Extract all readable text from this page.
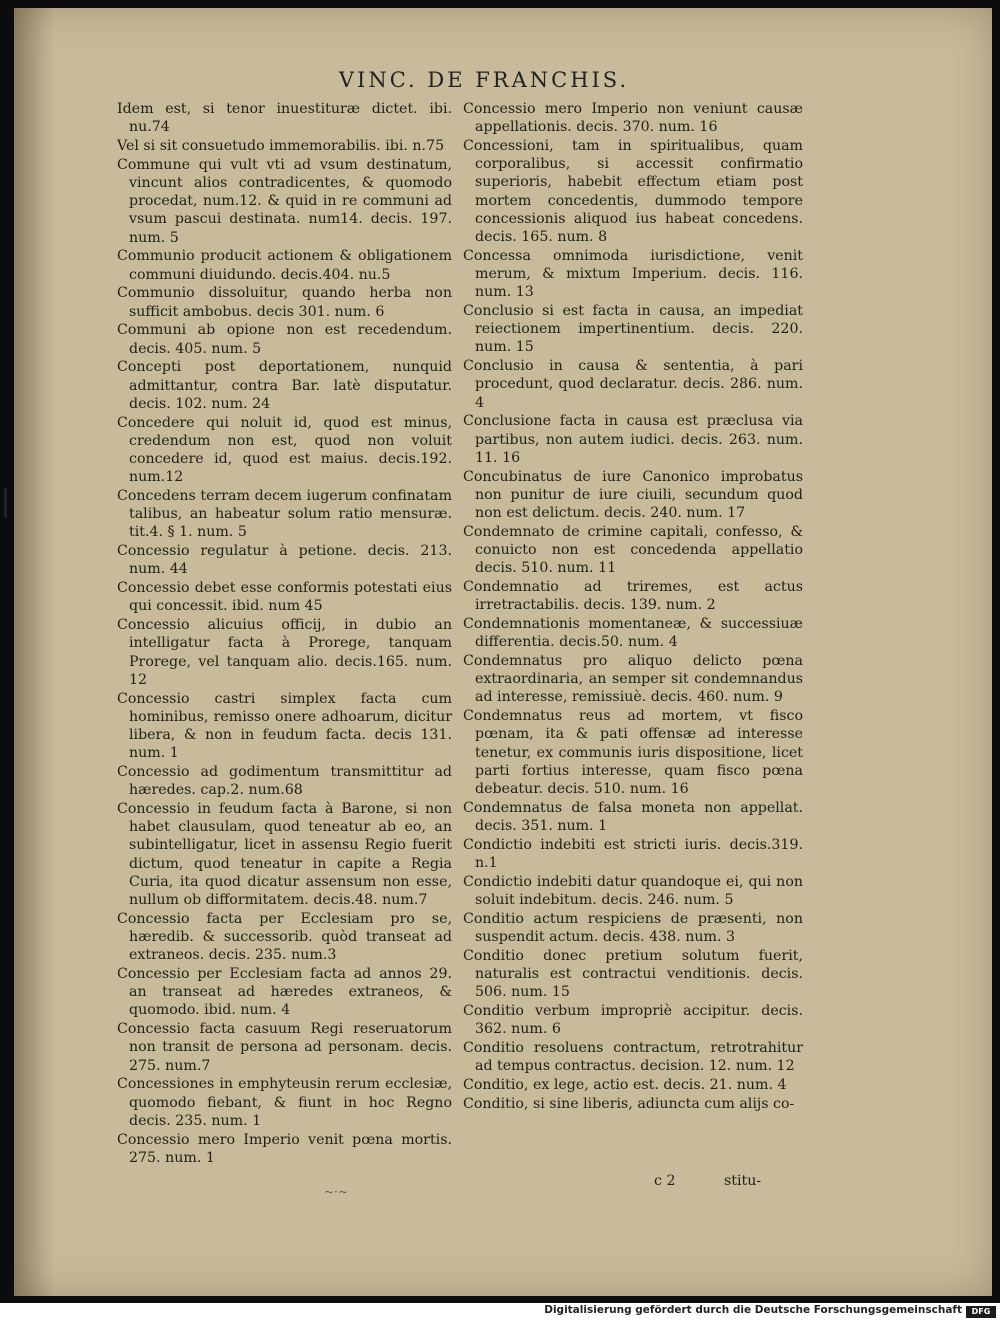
VINC. DE FRANCHIS.
Idem est, si tenor inuestituræ dictet. ibi. nu.74
Vel si sit consuetudo immemorabilis. ibi. n.75
Commune qui vult vti ad vsum destinatum, vincunt alios contradicentes, & quomodo procedat, num.12. & quid in re communi ad vsum pascui destinata. num14. decis. 197. num. 5
Communio producit actionem & obligationem communi diuidundo. decis.404. nu.5
Communio dissoluitur, quando herba non sufficit ambobus. decis 301. num. 6
Communi ab opione non est recedendum. decis. 405. num. 5
Concepti post deportationem, nunquid admittantur, contra Bar. latè disputatur. decis. 102. num. 24
Concedere qui noluit id, quod est minus, credendum non est, quod non voluit concedere id, quod est maius. decis.192. num.12
Concedens terram decem iugerum confinatam talibus, an habeatur solum ratio mensuræ. tit.4. § 1. num. 5
Concessio regulatur à petione. decis. 213. num. 44
Concessio debet esse conformis potestati eius qui concessit. ibid. num 45
Concessio alicuius officij, in dubio an intelligatur facta à Prorege, tanquam Prorege, vel tanquam alio. decis.165. num. 12
Concessio castri simplex facta cum hominibus, remisso onere adhoarum, dicitur libera, & non in feudum facta. decis 131. num. 1
Concessio ad godimentum transmittitur ad hæredes. cap.2. num.68
Concessio in feudum facta à Barone, si non habet clausulam, quod teneatur ab eo, an subintelligatur, licet in assensu Regio fuerit dictum, quod teneatur in capite a Regia Curia, ita quod dicatur assensum non esse, nullum ob difformitatem. decis.48. num.7
Concessio facta per Ecclesiam pro se, hæredib. & successorib. quòd transeat ad extraneos. decis. 235. num.3
Concessio per Ecclesiam facta ad annos 29. an transeat ad hæredes extraneos, & quomodo. ibid. num. 4
Concessio facta casuum Regi reseruatorum non transit de persona ad personam. decis. 275. num.7
Concessiones in emphyteusin rerum ecclesiæ, quomodo fiebant, & fiunt in hoc Regno decis. 235. num. 1
Concessio mero Imperio venit pœna mortis. 275. num. 1
Concessio mero Imperio non veniunt causæ appellationis. decis. 370. num. 16
Concessioni, tam in spiritualibus, quam corporalibus, si accessit confirmatio superioris, habebit effectum etiam post mortem concedentis, dummodo tempore concessionis aliquod ius habeat concedens. decis. 165. num. 8
Concessa omnimoda iurisdictione, venit merum, & mixtum Imperium. decis. 116. num. 13
Conclusio si est facta in causa, an impediat reiectionem impertinentium. decis. 220. num. 15
Conclusio in causa & sententia, à pari procedunt, quod declaratur. decis. 286. num. 4
Conclusione facta in causa est præclusa via partibus, non autem iudici. decis. 263. num. 11. 16
Concubinatus de iure Canonico improbatus non punitur de iure ciuili, secundum quod non est delictum. decis. 240. num. 17
Condemnato de crimine capitali, confesso, & conuicto non est concedenda appellatio decis. 510. num. 11
Condemnatio ad triremes, est actus irretractabilis. decis. 139. num. 2
Condemnationis momentaneæ, & successiuæ differentia. decis.50. num. 4
Condemnatus pro aliquo delicto pœna extraordinaria, an semper sit condemnandus ad interesse, remissiuè. decis. 460. num. 9
Condemnatus reus ad mortem, vt fisco pœnam, ita & pati offensæ ad interesse tenetur, ex communis iuris dispositione, licet parti fortius interesse, quam fisco pœna debeatur. decis. 510. num. 16
Condemnatus de falsa moneta non appellat. decis. 351. num. 1
Condictio indebiti est stricti iuris. decis.319. n.1
Condictio indebiti datur quandoque ei, qui non soluit indebitum. decis. 246. num. 5
Conditio actum respiciens de præsenti, non suspendit actum. decis. 438. num. 3
Conditio donec pretium solutum fuerit, naturalis est contractui venditionis. decis. 506. num. 15
Conditio verbum impropriè accipitur. decis. 362. num. 6
Conditio resoluens contractum, retrotrahitur ad tempus contractus. decision. 12. num. 12
Conditio, ex lege, actio est. decis. 21. num. 4
Conditio, si sine liberis, adiuncta cum alijs co-
~·~
c 2	stitu-
Digitalisierung gefördert durch die Deutsche Forschungsgemeinschaft	DFG
